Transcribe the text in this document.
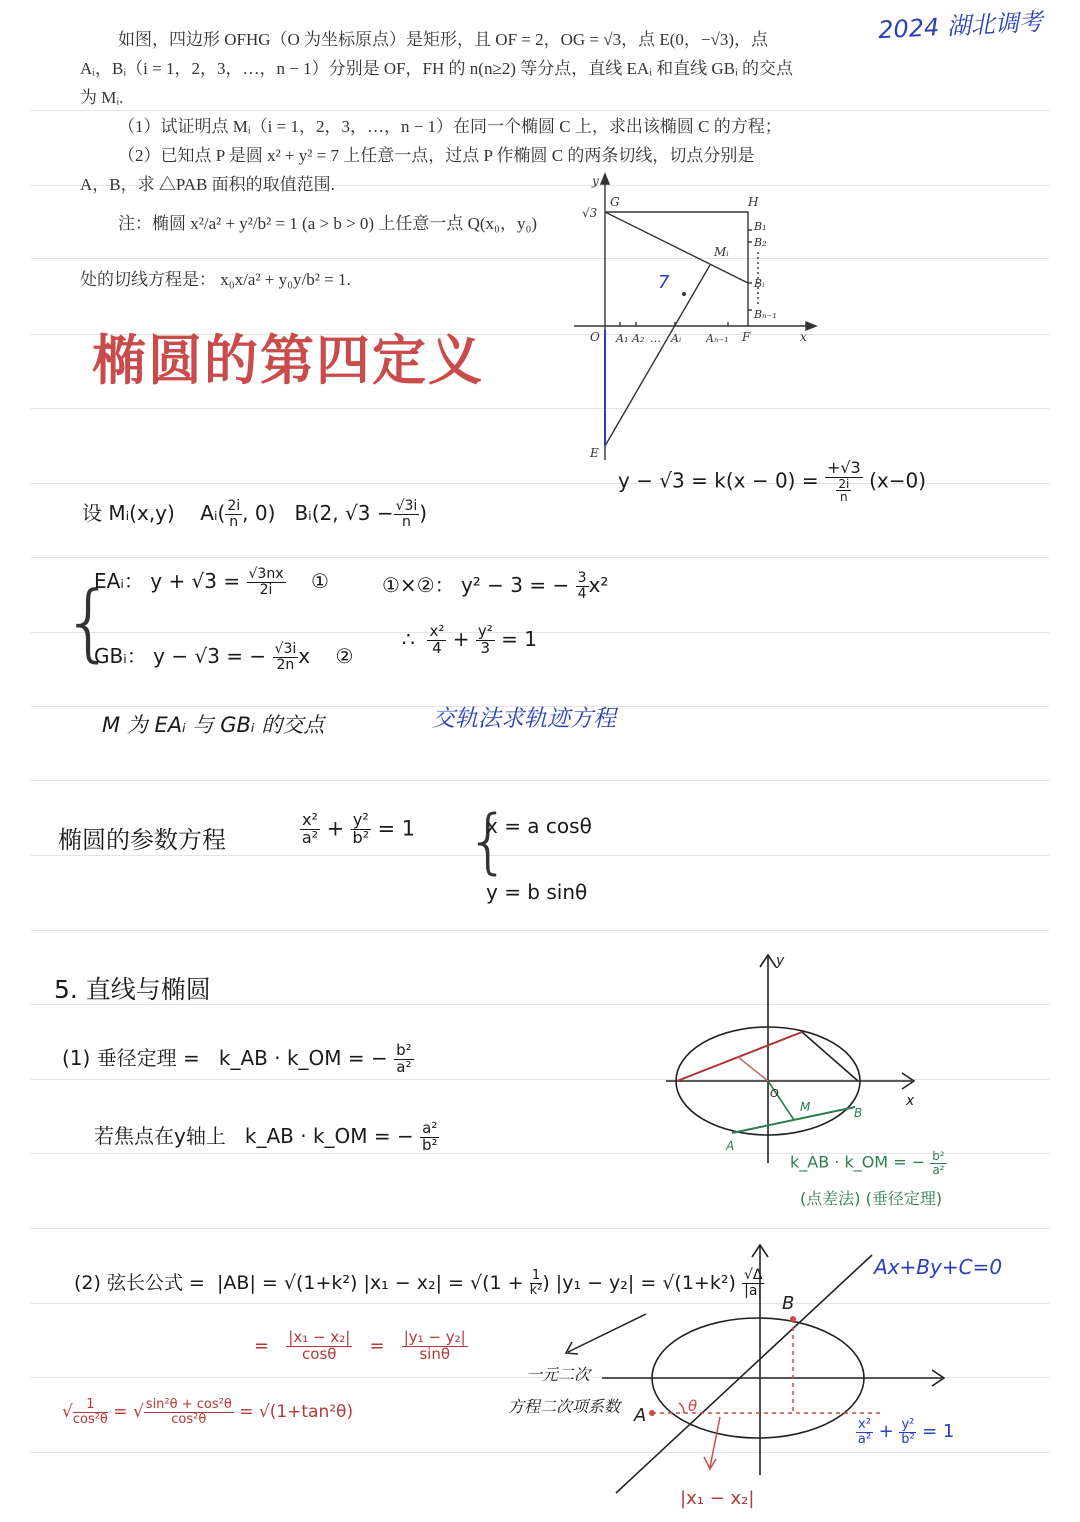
2024 湖北调考
如图，四边形 OFHG（O 为坐标原点）是矩形，且 OF = 2，OG = √3，点 E(0，−√3)，点
Aᵢ，Bᵢ（i = 1，2，3，…，n − 1）分别是 OF，FH 的 n(n≥2) 等分点，直线 EAᵢ 和直线 GBᵢ 的交点
为 Mᵢ.
（1）试证明点 Mᵢ（i = 1，2，3，…，n − 1）在同一个椭圆 C 上，求出该椭圆 C 的方程；
（2）已知点 P 是圆 x² + y² = 7 上任意一点，过点 P 作椭圆 C 的两条切线，切点分别是
A，B，求 △PAB 面积的取值范围.
注：椭圆 x²/a² + y²/b² = 1 (a > b > 0) 上任意一点 Q(x₀，y₀)
处的切线方程是： x₀x/a² + y₀y/b² = 1.
椭圆的第四定义
y
x
O
G	H
F
E
Mᵢ
√3
B₁
B₂
Bᵢ
Bₙ₋₁
A₁ A₂ … Aᵢ Aₙ₋₁
7
$y - √3 = k(x - 0) = \frac{+√3}{\frac{2i}{n}} (x-0)$
设 Mᵢ(x,y) Aᵢ( $\frac{2i}{n}$ , 0) Bᵢ(2, $√3 - \frac{√3i}{n}$ )
{
EAᵢ： $y + √3 = \frac{√3nx}{2i}$ ①
GBᵢ： y − √3 = − $\frac{√3i}{2n}$ x ②
①×②： y² − 3 = − $\frac{3}{4} x^2$
∴ $\frac{\text{x²}}{4} + \frac{\text{y²}}{3} = 1$
M 为 EAᵢ 与 GBᵢ 的交点	交轨法求轨迹方程
椭圆的参数方程	$\frac{\text{x²}}{\text{a²}} + \frac{\text{y²}}{\text{b²}} = 1$ {
x = a cosθ
y = b sinθ
5. 直线与椭圆
(1) 垂径定理 = k_AB · k_OM = − $\frac{\text{b²}}{\text{a²}}$
若焦点在y轴上 k_AB · k_OM = − $\frac{\text{a²}}{\text{b²}}$
y
x
O
M	B
A
k_AB · k_OM = − $\frac{\text{b²}}{\text{a²}}$
(点差法) (垂径定理)
(2) 弦长公式 = |AB| = √(1+k²) $|x_1 - x_2| = √(1 + \frac{1}{\text{k²}}$ ) $|y_1 - y_2| = √(1+k^2) \frac{√\Delta}{|a|}$
= $\frac{\text{|x₁ − x₂|}}{\cos\theta} = \frac{\text{|y₁ − y₂|}}{\sin\theta}$
√ $\frac{1}{\text{cos²θ}}$ = √ $\frac{\text{sin²θ + cos²θ}}{\text{cos²θ}} = √(1+\tan^2\theta)$
一元二次
方程二次项系数
B
A	θ
Ax+By+C=0
$\frac{\text{x²}}{\text{a²}} + \frac{\text{y²}}{\text{b²}} = 1$
|x₁ − x₂|
